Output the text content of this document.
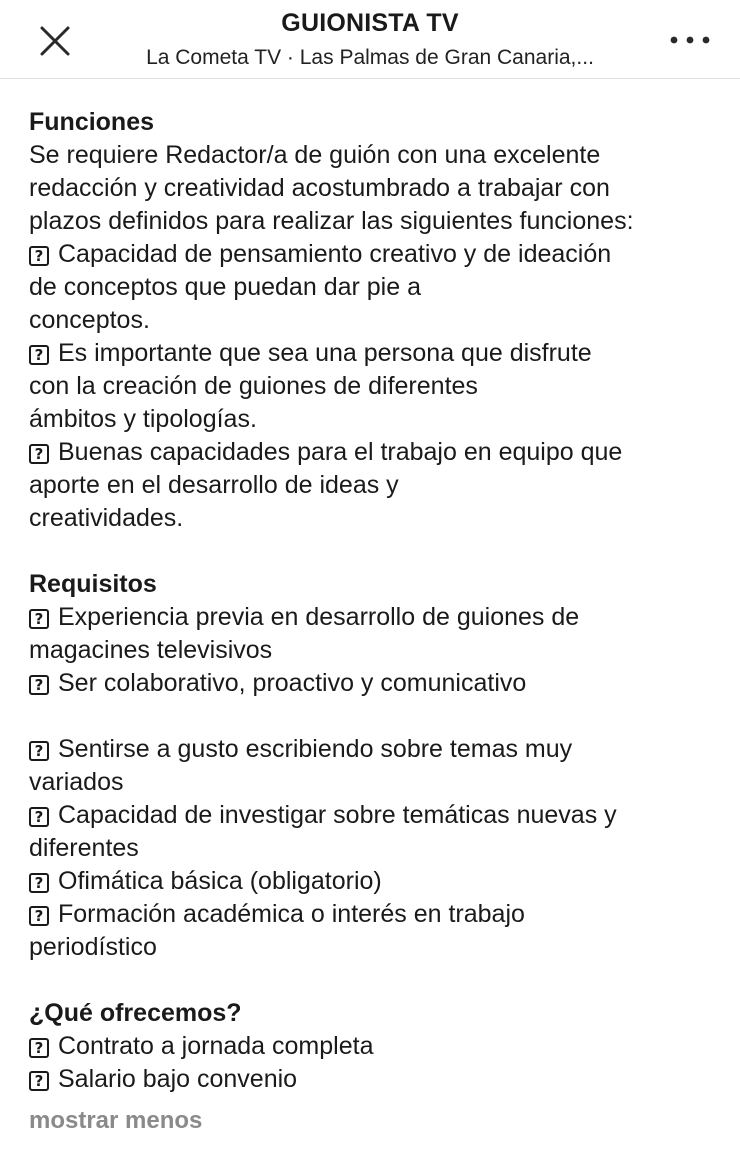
GUIONISTA TV
La Cometa TV · Las Palmas de Gran Canaria,...
Funciones
Se requiere Redactor/a de guión con una excelente
redacción y creatividad acostumbrado a trabajar con
plazos definidos para realizar las siguientes funciones:
? Capacidad de pensamiento creativo y de ideación
de conceptos que puedan dar pie a
conceptos.
? Es importante que sea una persona que disfrute
con la creación de guiones de diferentes
ámbitos y tipologías.
? Buenas capacidades para el trabajo en equipo que
aporte en el desarrollo de ideas y
creatividades.
Requisitos
? Experiencia previa en desarrollo de guiones de
magacines televisivos
? Ser colaborativo, proactivo y comunicativo
? Sentirse a gusto escribiendo sobre temas muy
variados
? Capacidad de investigar sobre temáticas nuevas y
diferentes
? Ofimática básica (obligatorio)
? Formación académica o interés en trabajo
periodístico
¿Qué ofrecemos?
? Contrato a jornada completa
? Salario bajo convenio
mostrar menos
